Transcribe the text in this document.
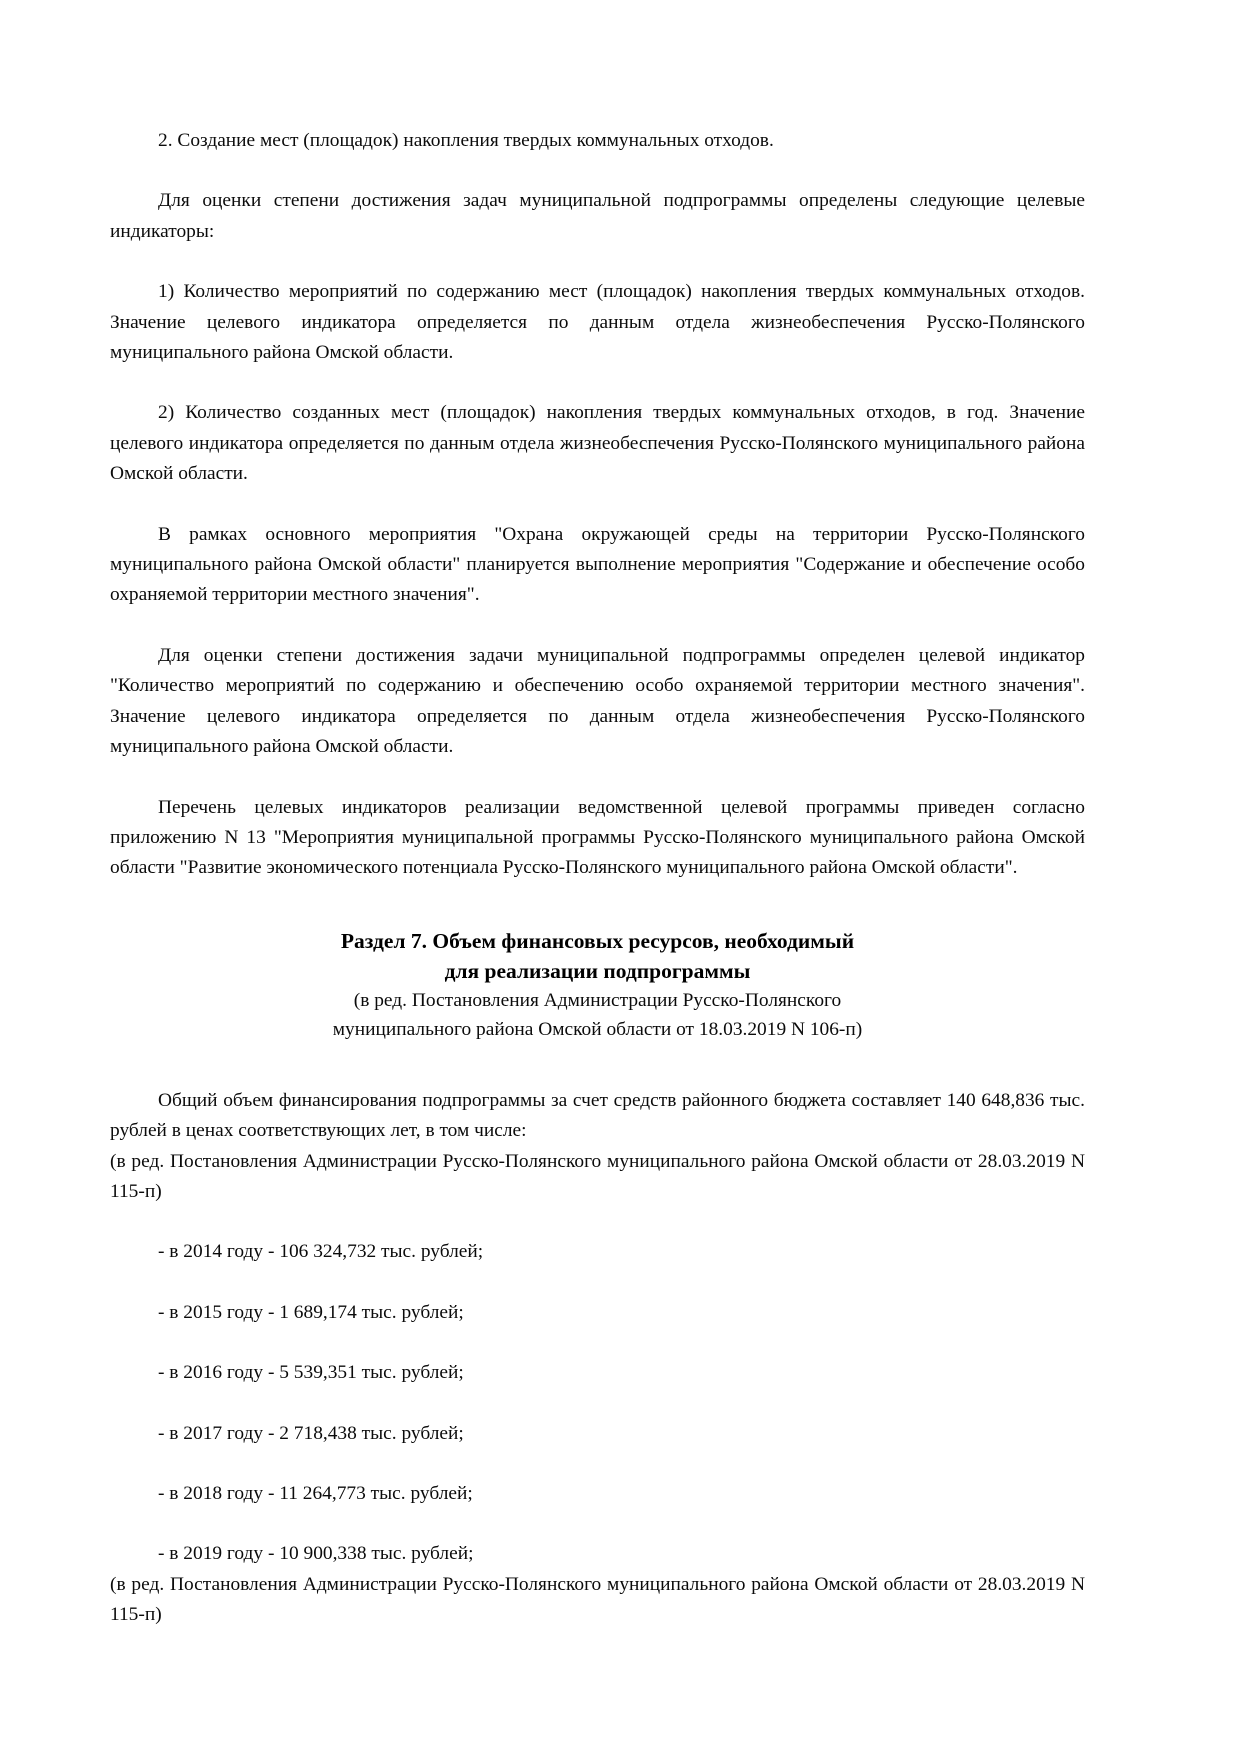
2. Создание мест (площадок) накопления твердых коммунальных отходов.

Для оценки степени достижения задач муниципальной подпрограммы определены следующие целевые индикаторы:

1) Количество мероприятий по содержанию мест (площадок) накопления твердых коммунальных отходов. Значение целевого индикатора определяется по данным отдела жизнеобеспечения Русско-Полянского муниципального района Омской области.

2) Количество созданных мест (площадок) накопления твердых коммунальных отходов, в год. Значение целевого индикатора определяется по данным отдела жизнеобеспечения Русско-Полянского муниципального района Омской области.

В рамках основного мероприятия "Охрана окружающей среды на территории Русско-Полянского муниципального района Омской области" планируется выполнение мероприятия "Содержание и обеспечение особо охраняемой территории местного значения".

Для оценки степени достижения задачи муниципальной подпрограммы определен целевой индикатор "Количество мероприятий по содержанию и обеспечению особо охраняемой территории местного значения". Значение целевого индикатора определяется по данным отдела жизнеобеспечения Русско-Полянского муниципального района Омской области.

Перечень целевых индикаторов реализации ведомственной целевой программы приведен согласно приложению N 13 "Мероприятия муниципальной программы Русско-Полянского муниципального района Омской области "Развитие экономического потенциала Русско-Полянского муниципального района Омской области".

Раздел 7. Объем финансовых ресурсов, необходимый
для реализации подпрограммы
(в ред. Постановления Администрации Русско-Полянского
муниципального района Омской области от 18.03.2019 N 106-п)

Общий объем финансирования подпрограммы за счет средств районного бюджета составляет 140 648,836 тыс. рублей в ценах соответствующих лет, в том числе:

(в ред. Постановления Администрации Русско-Полянского муниципального района Омской области от 28.03.2019 N 115-п)

- в 2014 году - 106 324,732 тыс. рублей;

- в 2015 году - 1 689,174 тыс. рублей;

- в 2016 году - 5 539,351 тыс. рублей;

- в 2017 году - 2 718,438 тыс. рублей;

- в 2018 году - 11 264,773 тыс. рублей;

- в 2019 году - 10 900,338 тыс. рублей;

(в ред. Постановления Администрации Русско-Полянского муниципального района Омской области от 28.03.2019 N 115-п)
